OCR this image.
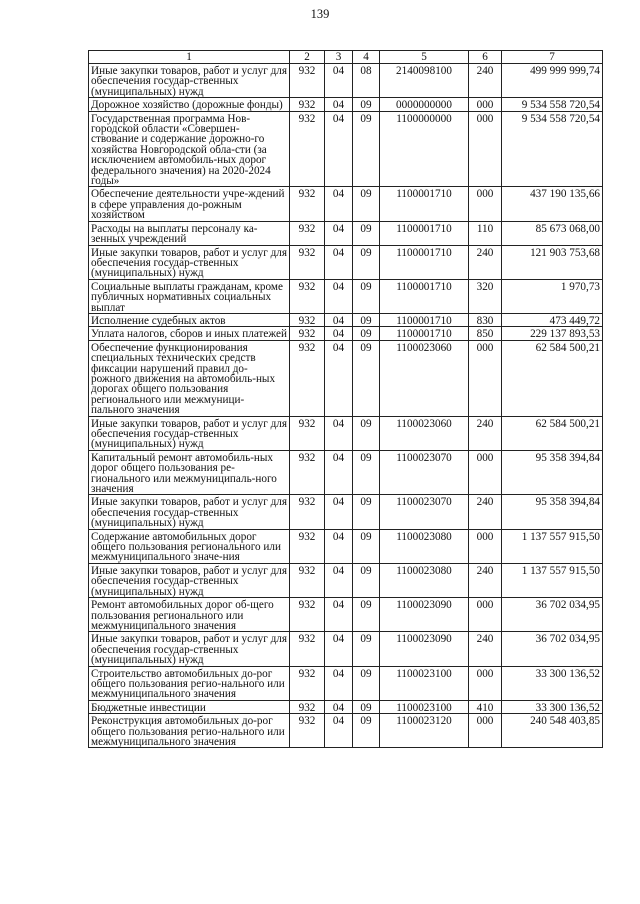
139
1	2	3	4	5	6	7
Иные закупки товаров, работ и услуг для обеспечения государ-ственных (муниципальных) нужд	932	04	08	2140098100	240	499 999 999,74
Дорожное хозяйство (дорожные фонды)	932	04	09	0000000000	000	9 534 558 720,54
Государственная программа Нов-городской области «Совершен-ствование и содержание дорожно-го хозяйства Новгородской обла-сти (за исключением автомобиль-ных дорог федерального значения) на 2020-2024 годы»	932	04	09	1100000000	000	9 534 558 720,54
Обеспечение деятельности учре-ждений в сфере управления до-рожным хозяйством	932	04	09	1100001710	000	437 190 135,66
Расходы на выплаты персоналу ка-зенных учреждений	932	04	09	1100001710	110	85 673 068,00
Иные закупки товаров, работ и услуг для обеспечения государ-ственных (муниципальных) нужд	932	04	09	1100001710	240	121 903 753,68
Социальные выплаты гражданам, кроме публичных нормативных социальных выплат	932	04	09	1100001710	320	1 970,73
Исполнение судебных актов	932	04	09	1100001710	830	473 449,72
Уплата налогов, сборов и иных платежей	932	04	09	1100001710	850	229 137 893,53
Обеспечение функционирования специальных технических средств фиксации нарушений правил до-рожного движения на автомобиль-ных дорогах общего пользования регионального или межмуници-пального значения	932	04	09	1100023060	000	62 584 500,21
Иные закупки товаров, работ и услуг для обеспечения государ-ственных (муниципальных) нужд	932	04	09	1100023060	240	62 584 500,21
Капитальный ремонт автомобиль-ных дорог общего пользования ре-гионального или межмуниципаль-ного значения	932	04	09	1100023070	000	95 358 394,84
Иные закупки товаров, работ и услуг для обеспечения государ-ственных (муниципальных) нужд	932	04	09	1100023070	240	95 358 394,84
Содержание автомобильных дорог общего пользования регионального или межмуниципального значе-ния	932	04	09	1100023080	000	1 137 557 915,50
Иные закупки товаров, работ и услуг для обеспечения государ-ственных (муниципальных) нужд	932	04	09	1100023080	240	1 137 557 915,50
Ремонт автомобильных дорог об-щего пользования регионального или межмуниципального значения	932	04	09	1100023090	000	36 702 034,95
Иные закупки товаров, работ и услуг для обеспечения государ-ственных (муниципальных) нужд	932	04	09	1100023090	240	36 702 034,95
Строительство автомобильных до-рог общего пользования регио-нального или межмуниципального значения	932	04	09	1100023100	000	33 300 136,52
Бюджетные инвестиции	932	04	09	1100023100	410	33 300 136,52
Реконструкция автомобильных до-рог общего пользования регио-нального или межмуниципального значения	932	04	09	1100023120	000	240 548 403,85
